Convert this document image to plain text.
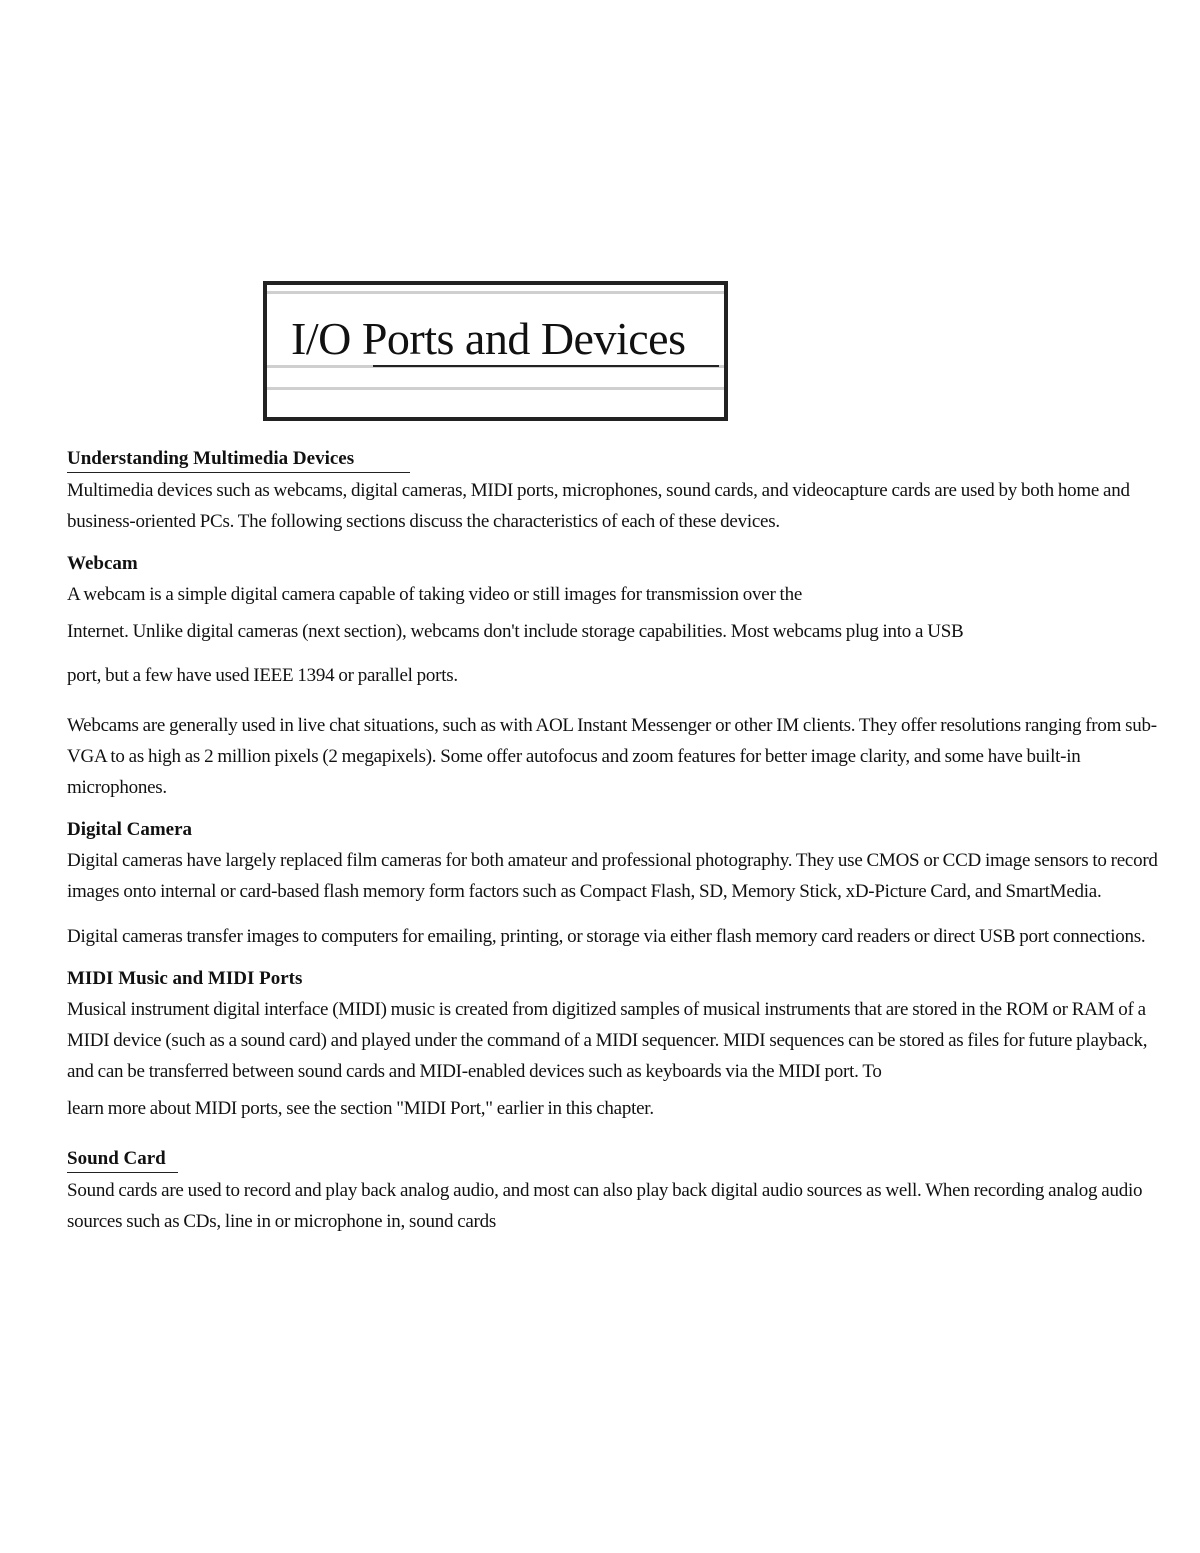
I/O Ports and Devices
Understanding Multimedia Devices

Multimedia devices such as webcams, digital cameras, MIDI ports, microphones, sound cards, and videocapture cards are used by both home and business-oriented PCs. The following sections discuss the characteristics of each of these devices.

Webcam

A webcam is a simple digital camera capable of taking video or still images for transmission over the

Internet. Unlike digital cameras (next section), webcams don't include storage capabilities. Most webcams plug into a USB

port, but a few have used IEEE 1394 or parallel ports.

Webcams are generally used in live chat situations, such as with AOL Instant Messenger or other IM clients. They offer resolutions ranging from sub-VGA to as high as 2 million pixels (2 megapixels). Some offer autofocus and zoom features for better image clarity, and some have built-in microphones.

Digital Camera

Digital cameras have largely replaced film cameras for both amateur and professional photography. They use CMOS or CCD image sensors to record images onto internal or card-based flash memory form factors such as Compact Flash, SD, Memory Stick, xD-Picture Card, and SmartMedia.

Digital cameras transfer images to computers for emailing, printing, or storage via either flash memory card readers or direct USB port connections.

MIDI Music and MIDI Ports

Musical instrument digital interface (MIDI) music is created from digitized samples of musical instruments that are stored in the ROM or RAM of a MIDI device (such as a sound card) and played under the command of a MIDI sequencer. MIDI sequences can be stored as files for future playback, and can be transferred between sound cards and MIDI-enabled devices such as keyboards via the MIDI port. To

learn more about MIDI ports, see the section "MIDI Port," earlier in this chapter.

Sound Card

Sound cards are used to record and play back analog audio, and most can also play back digital audio sources as well. When recording analog audio sources such as CDs, line in or microphone in, sound cards
